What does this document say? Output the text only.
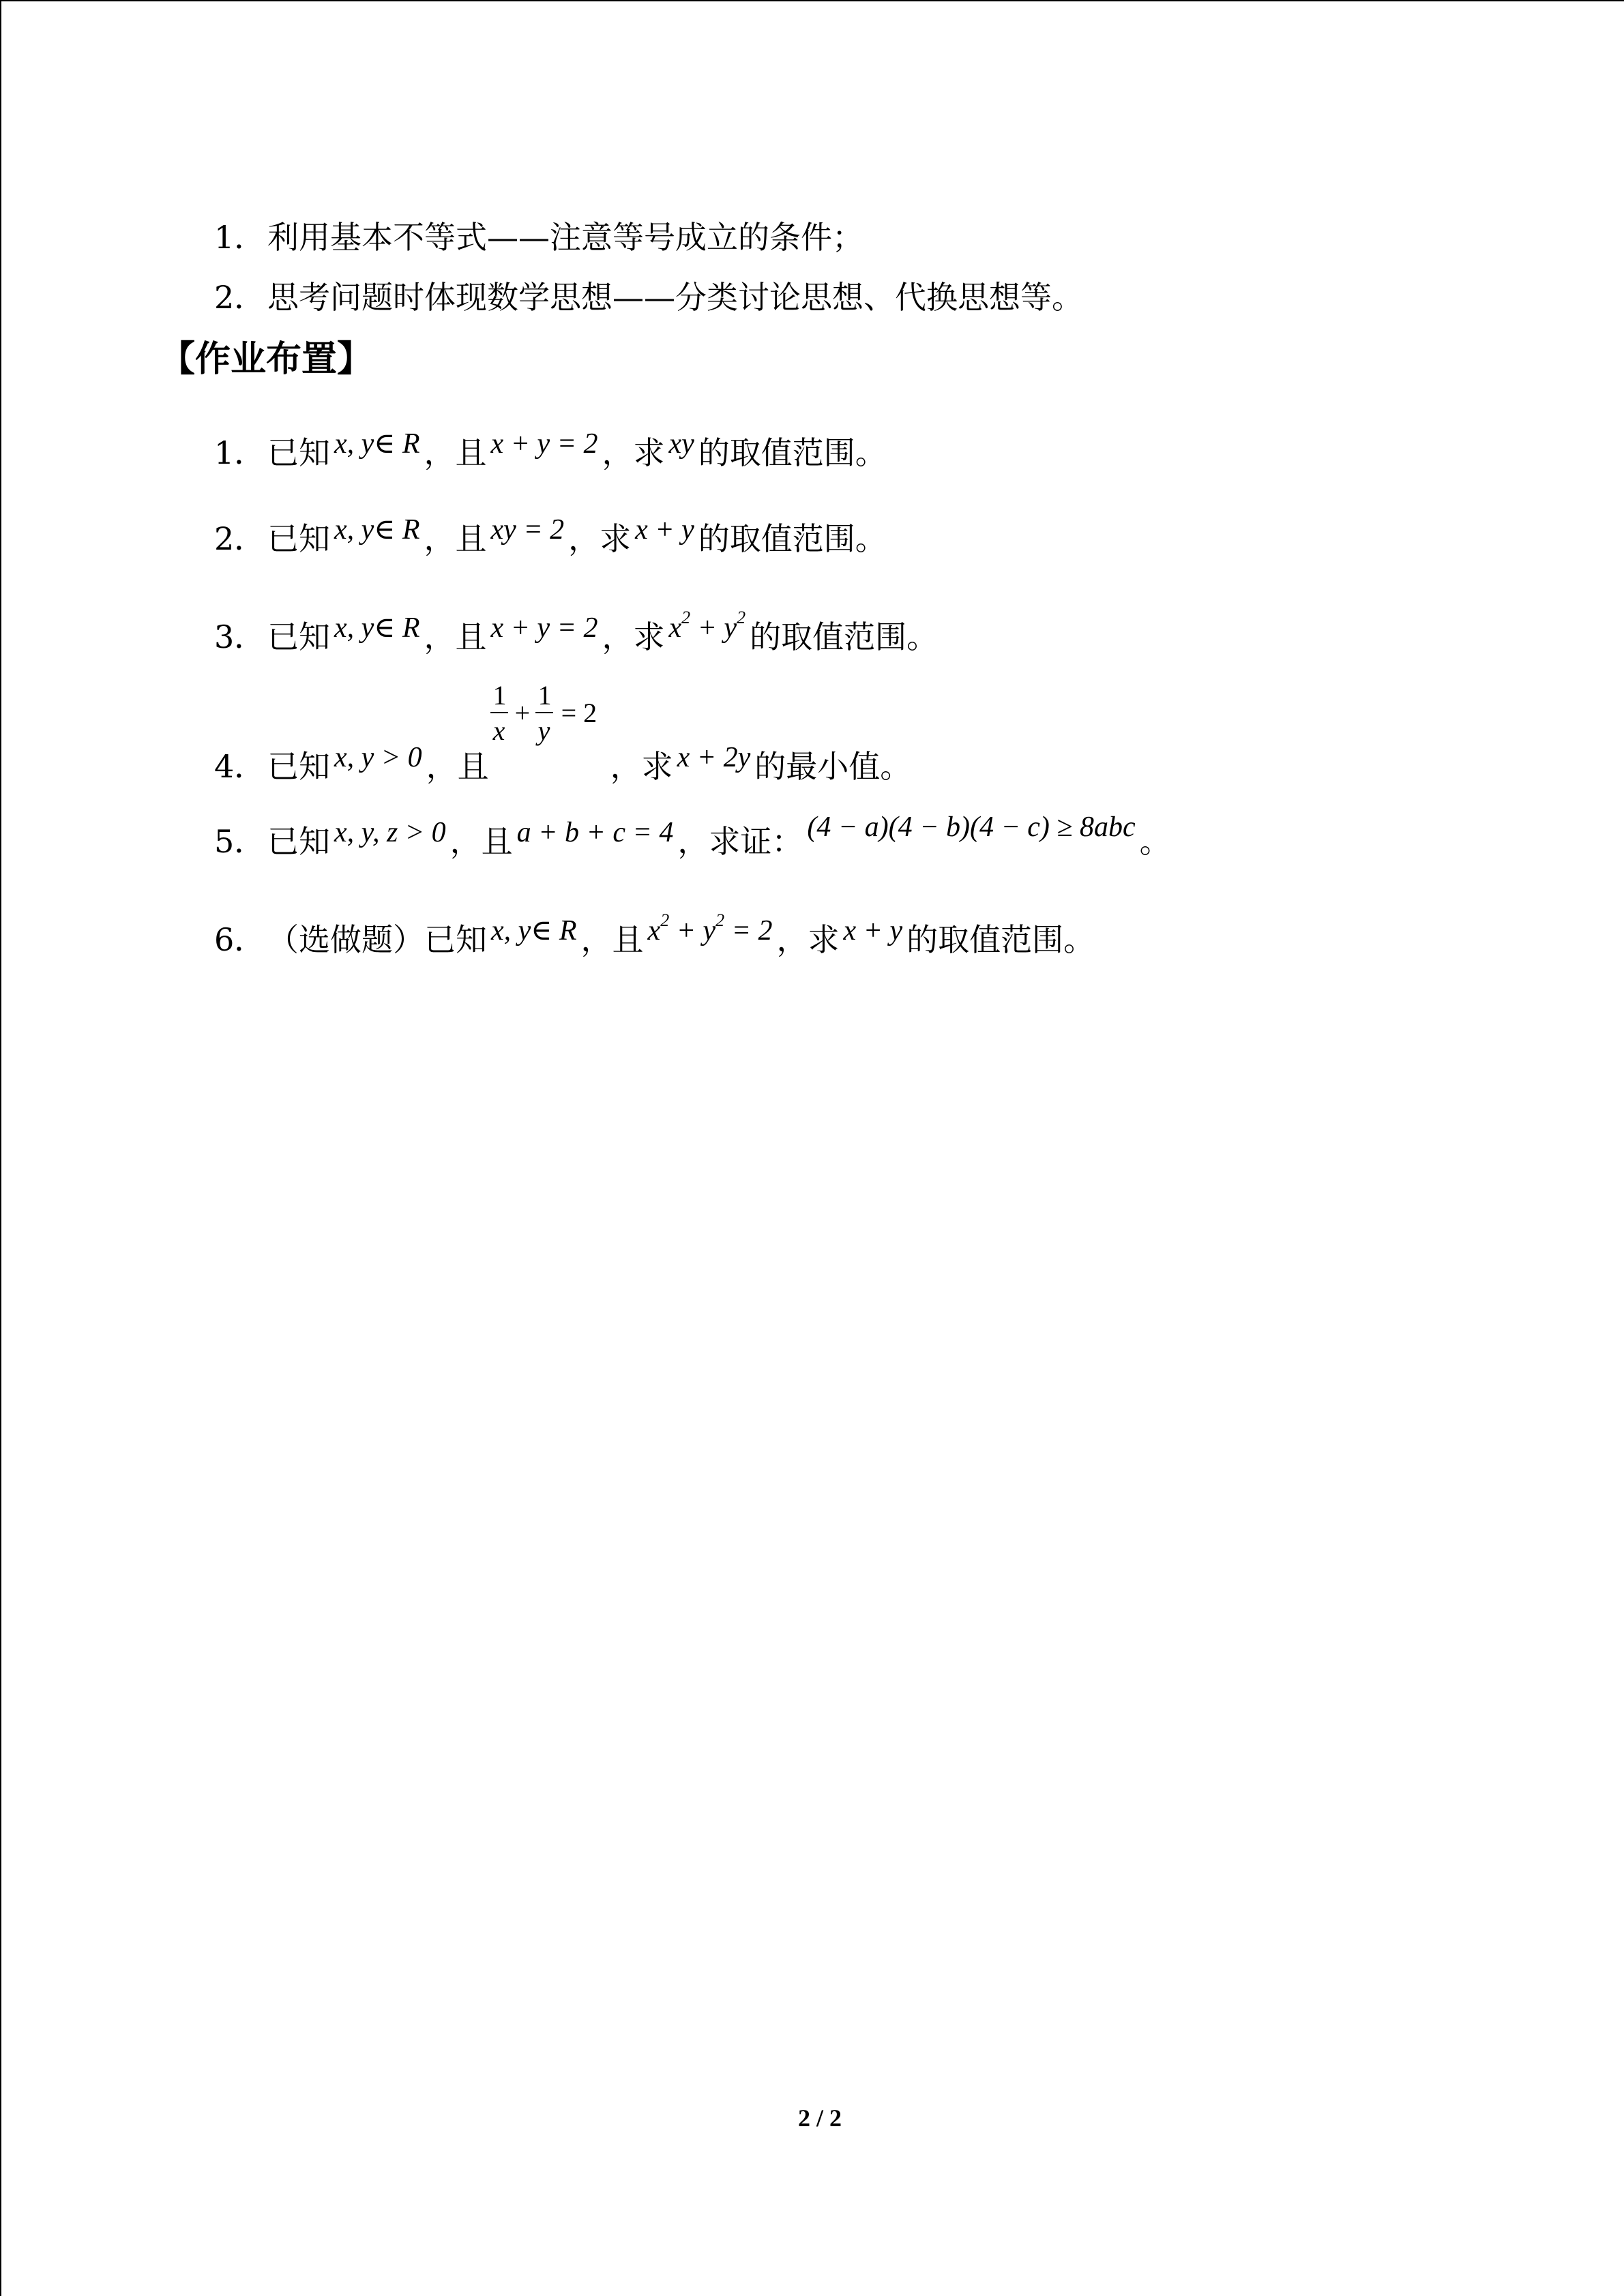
1．利用基本不等式——注意等号成立的条件；
2．思考问题时体现数学思想——分类讨论思想、代换思想等。
【作业布置】
1．已知 x, y∈ R ，且 x + y = 2 ，求 xy 的取值范围。
2．已知 x, y∈ R ，且 xy = 2 ，求 x + y 的取值范围。
3．已知 x, y∈ R ，且 x + y = 2 ，求 $x^2 + y^2$的取值范围。
4．已知 x, y > 0 ，且
1
x
+
1
y
= 2
，求 x + 2y 的最小值。
5．已知 x, y, z > 0 ，且 a + b + c = 4 ，求证： (4 − a)(4 − b)(4 − c) ≥ 8abc 。
6．（选做题）已知 x, y∈ R ，且 $x^2 + y^2 = 2$ ，求 x + y 的取值范围。
2 / 2
